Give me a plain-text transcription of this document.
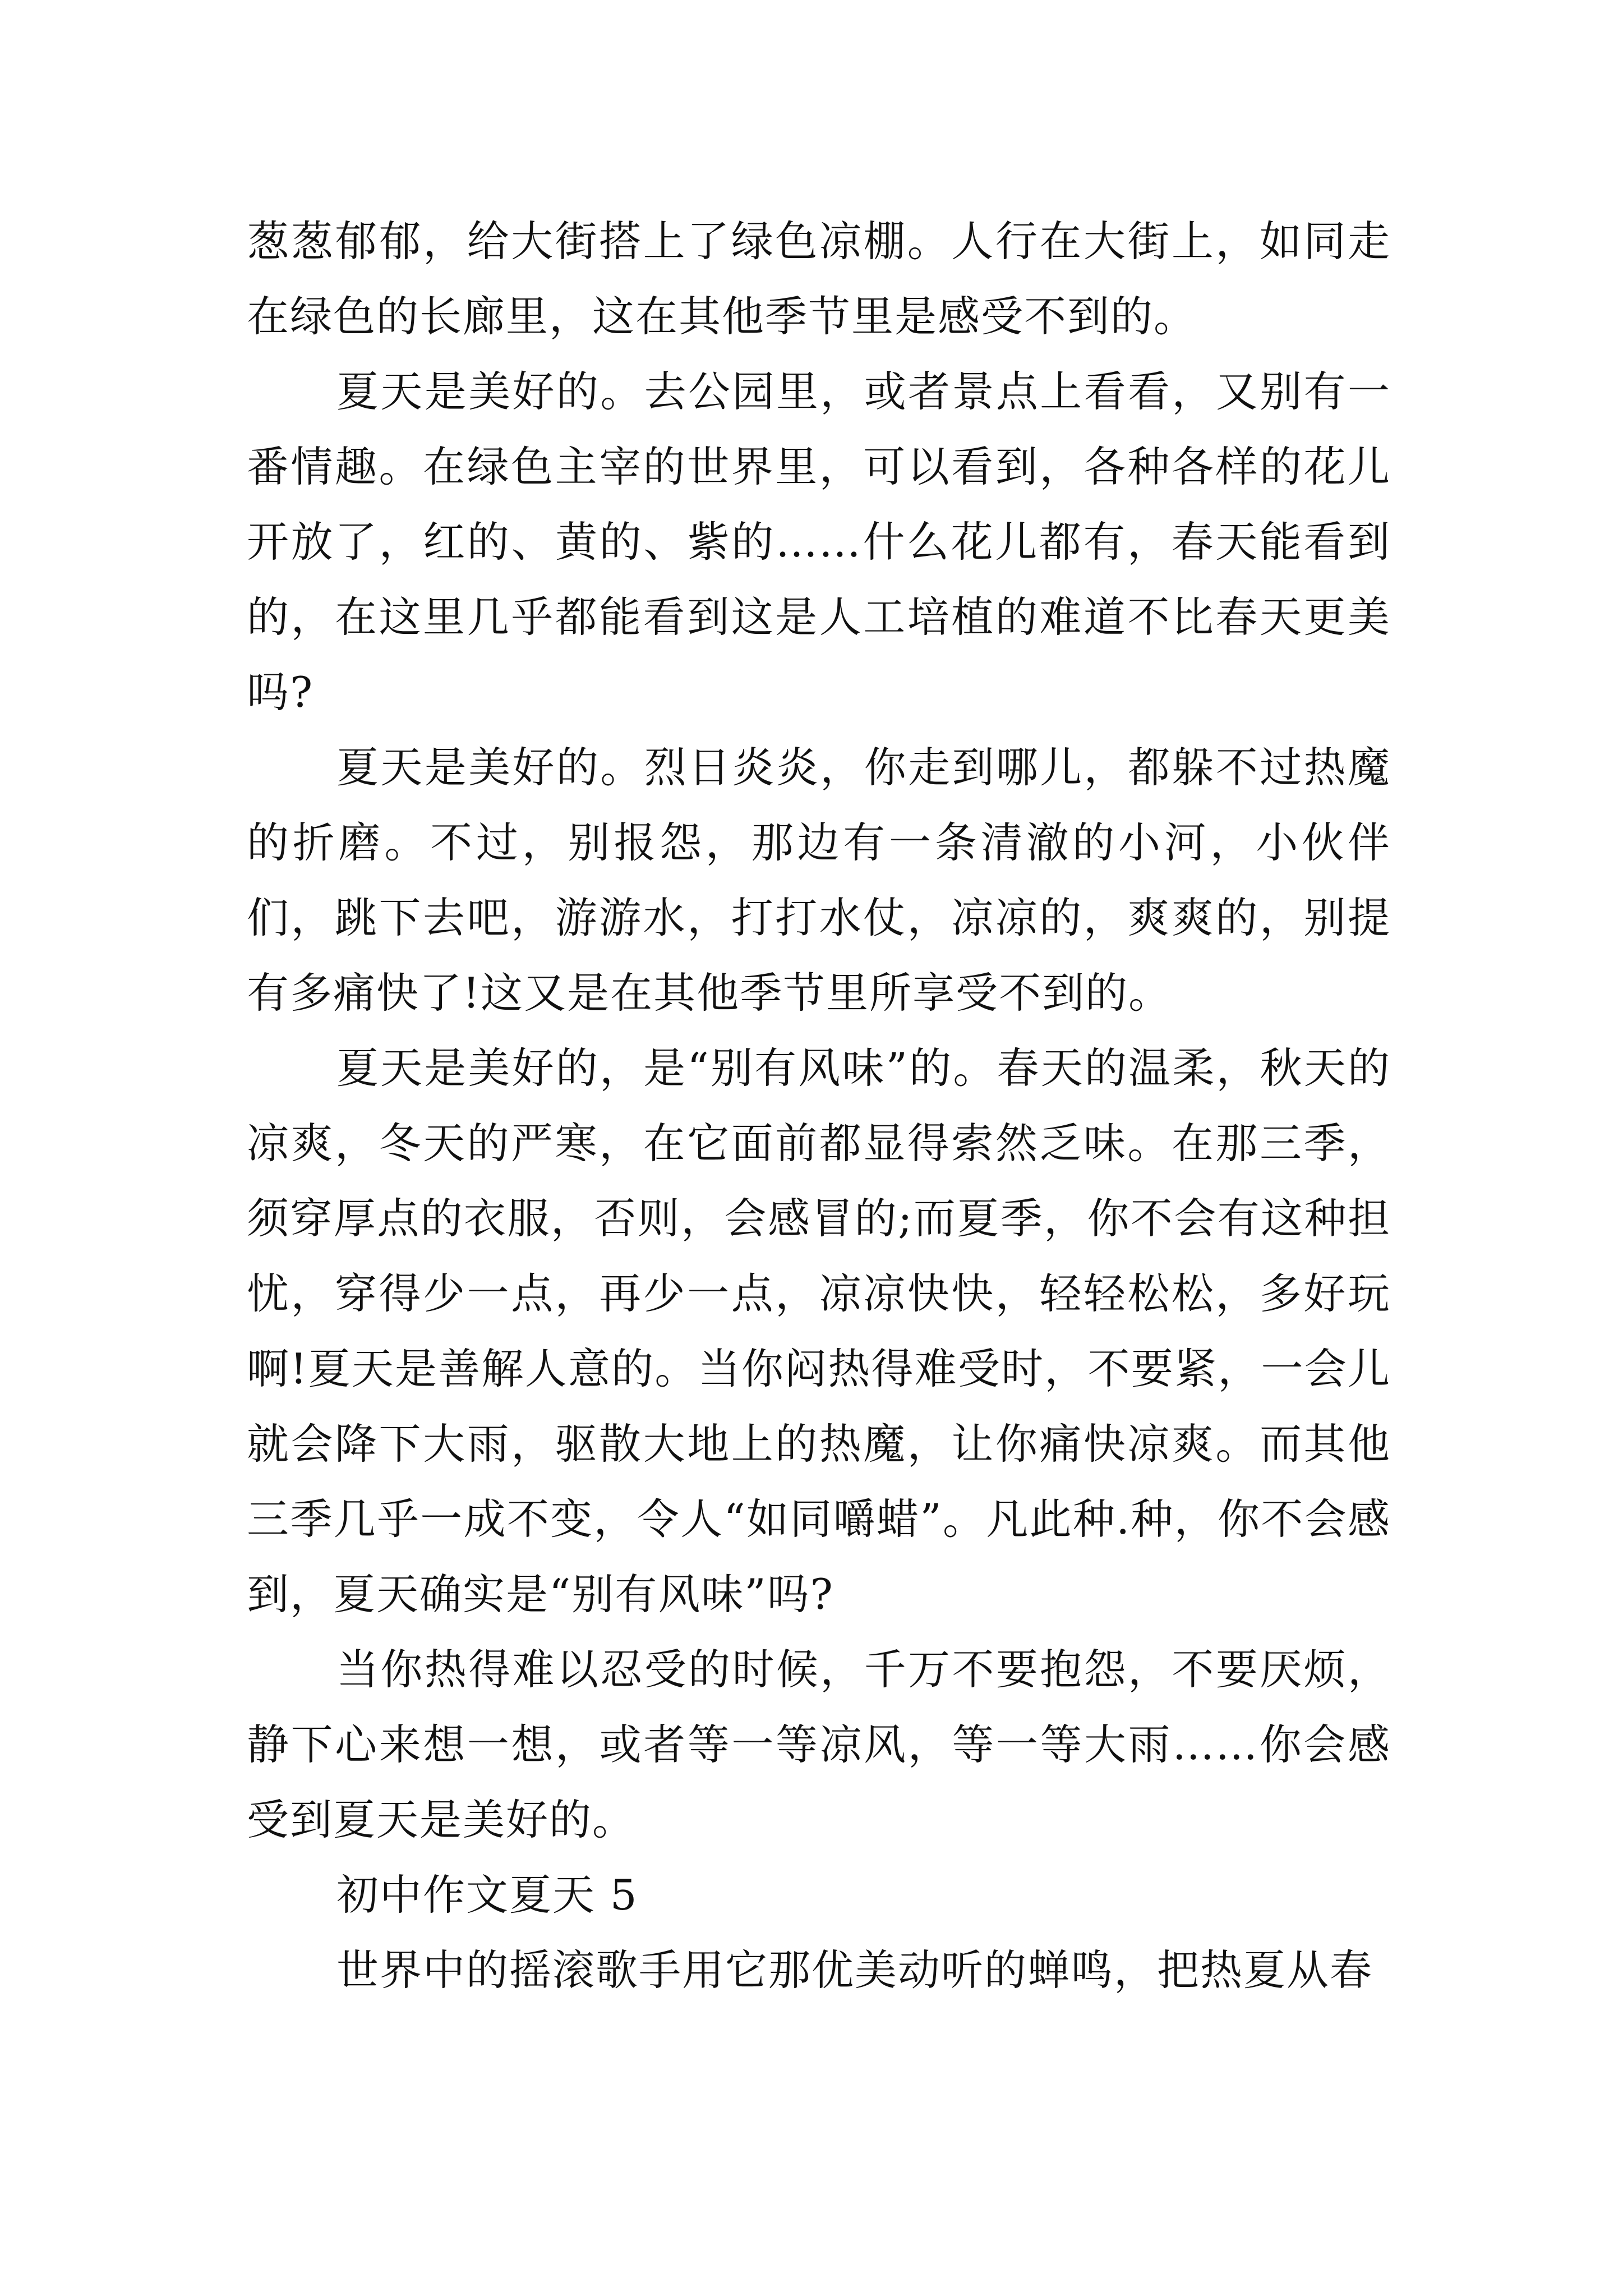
葱葱郁郁，给大街搭上了绿色凉棚。人行在大街上，如同走在绿色的长廊里，这在其他季节里是感受不到的。

夏天是美好的。去公园里，或者景点上看看，又别有一番情趣。在绿色主宰的世界里，可以看到，各种各样的花儿开放了，红的、黄的、紫的……什么花儿都有，春天能看到的，在这里几乎都能看到这是人工培植的难道不比春天更美吗?

夏天是美好的。烈日炎炎，你走到哪儿，都躲不过热魔的折磨。不过，别报怨，那边有一条清澈的小河，小伙伴们，跳下去吧，游游水，打打水仗，凉凉的，爽爽的，别提有多痛快了!这又是在其他季节里所享受不到的。

夏天是美好的，是“别有风味”的。春天的温柔，秋天的凉爽，冬天的严寒，在它面前都显得索然乏味。在那三季，须穿厚点的衣服，否则，会感冒的;而夏季，你不会有这种担忧，穿得少一点，再少一点，凉凉快快，轻轻松松，多好玩啊!夏天是善解人意的。当你闷热得难受时，不要紧，一会儿就会降下大雨，驱散大地上的热魔，让你痛快凉爽。而其他三季几乎一成不变，令人“如同嚼蜡”。凡此种.种，你不会感到，夏天确实是“别有风味”吗?

当你热得难以忍受的时候，千万不要抱怨，不要厌烦，静下心来想一想，或者等一等凉风，等一等大雨……你会感受到夏天是美好的。

初中作文夏天 5

世界中的摇滚歌手用它那优美动听的蝉鸣，把热夏从春
